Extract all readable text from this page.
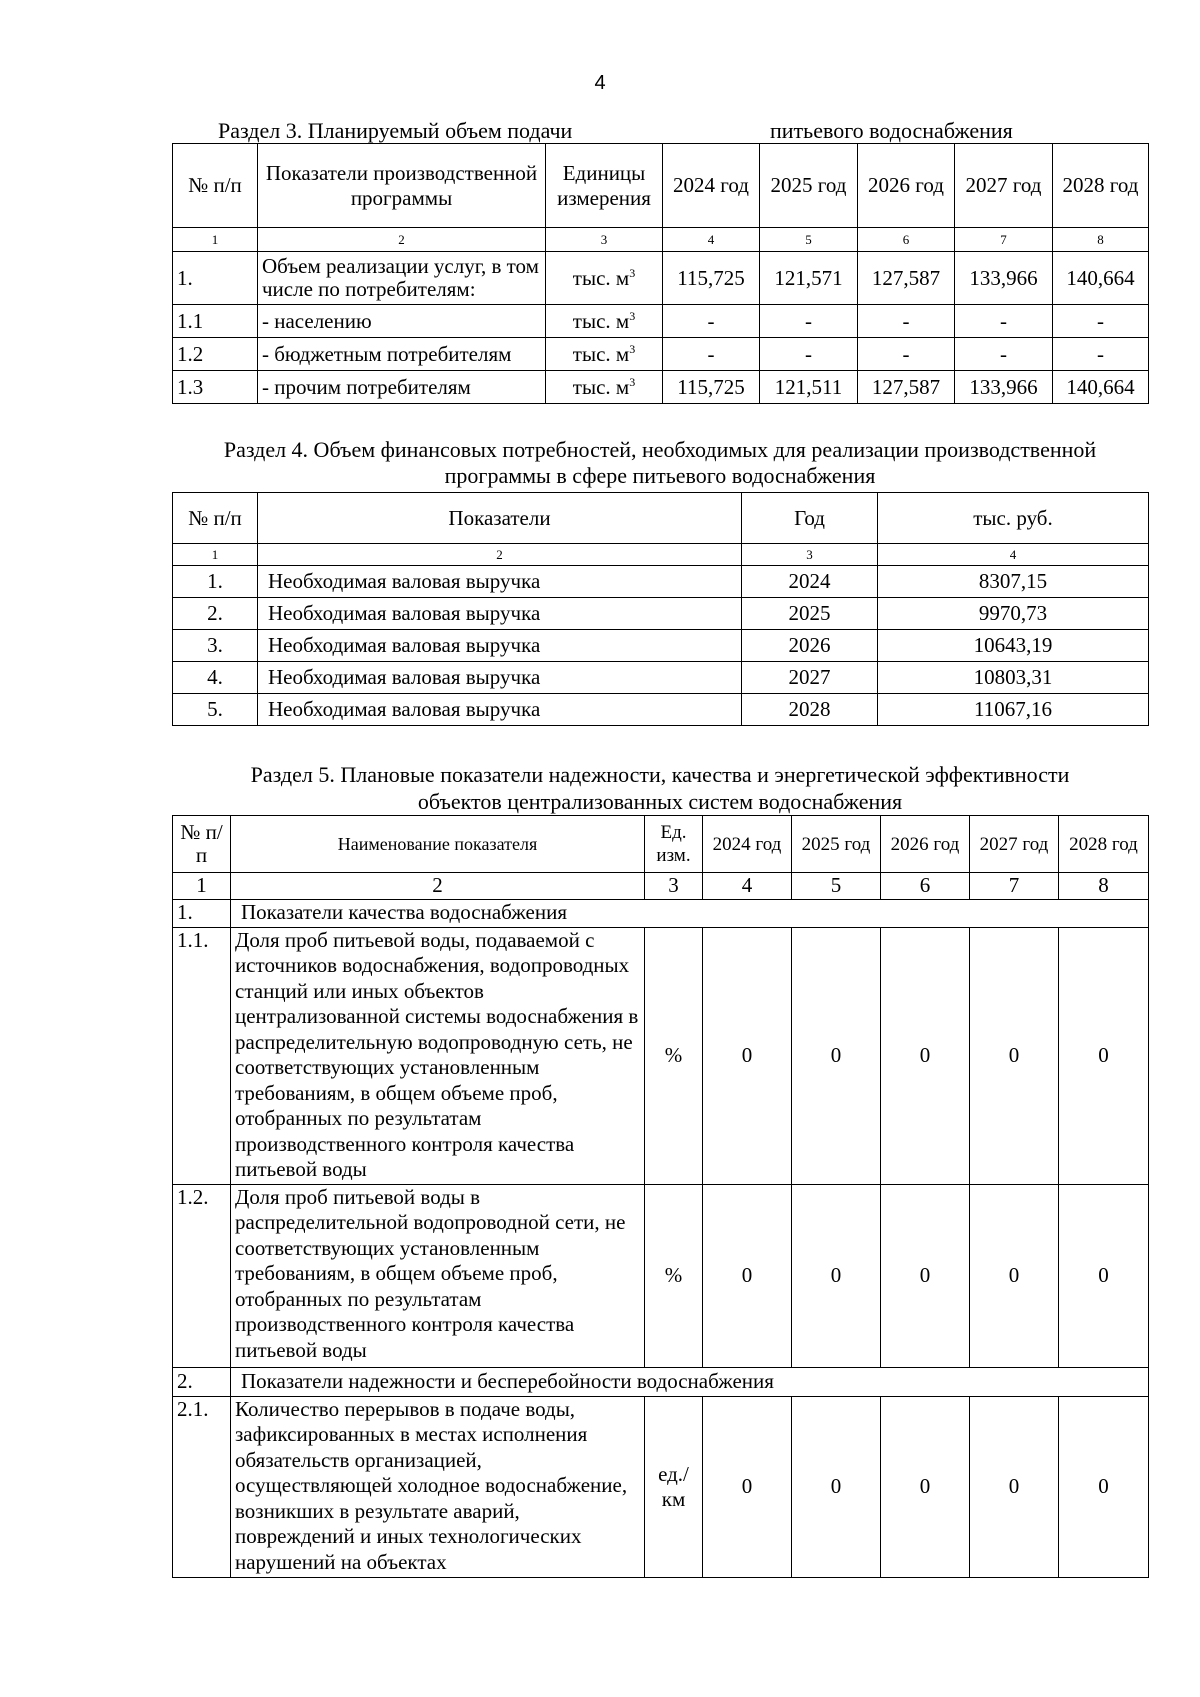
4
Раздел 3. Планируемый объем подачи	питьевого водоснабжения
№ п/п	Показатели производственной программы	Единицы измерения	2024 год	2025 год	2026 год	2027 год	2028 год
1	2	3	4	5	6	7	8
1.	Объем реализации услуг, в том числе по потребителям:	тыс. $м^3$	115,725	121,571	127,587	133,966	140,664
1.1	- населению	тыс. $м^3$	-	-	-	-	-
1.2	- бюджетным потребителям	тыс. $м^3$	-	-	-	-	-
1.3	- прочим потребителям	тыс. $м^3$	115,725	121,511	127,587	133,966	140,664
Раздел 4. Объем финансовых потребностей, необходимых для реализации производственной
программы в сфере питьевого водоснабжения
№ п/п	Показатели	Год	тыс. руб.
1	2	3	4
1.	Необходимая валовая выручка	2024	8307,15
2.	Необходимая валовая выручка	2025	9970,73
3.	Необходимая валовая выручка	2026	10643,19
4.	Необходимая валовая выручка	2027	10803,31
5.	Необходимая валовая выручка	2028	11067,16
Раздел 5. Плановые показатели надежности, качества и энергетической эффективности
объектов централизованных систем водоснабжения
№ п/п	Наименование показателя	Ед. изм.	2024 год	2025 год	2026 год	2027 год	2028 год
1	2	3	4	5	6	7	8
1.	Показатели качества водоснабжения						
1.1.	Доля проб питьевой воды, подаваемой с источников водоснабжения, водопроводных станций или иных объектов централизованной системы водоснабжения в распределительную водопроводную сеть, не соответствующих установленным требованиям, в общем объеме проб, отобранных по результатам производственного контроля качества питьевой воды	%	0	0	0	0	0
1.2.	Доля проб питьевой воды в распределительной водопроводной сети, не соответствующих установленным требованиям, в общем объеме проб, отобранных по результатам производственного контроля качества питьевой воды	%	0	0	0	0	0
2.	Показатели надежности и бесперебойности водоснабжения						
2.1.	Количество перерывов в подаче воды, зафиксированных в местах исполнения обязательств организацией, осуществляющей холодное водоснабжение, возникших в результате аварий, повреждений и иных технологических нарушений на объектах	ед./ км	0	0	0	0	0
